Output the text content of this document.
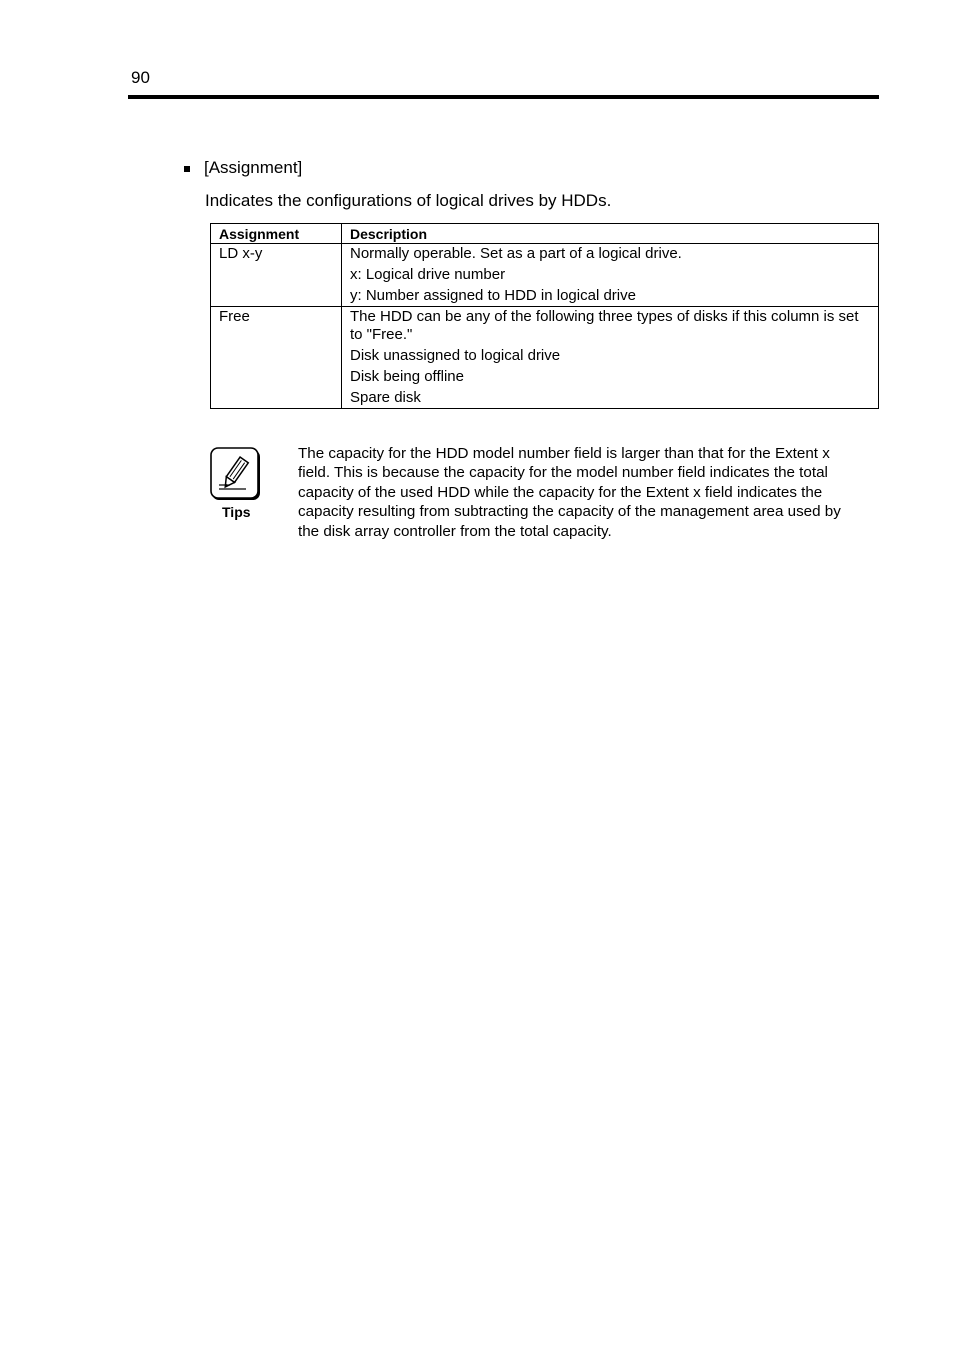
90
[Assignment]
Indicates the configurations of logical drives by HDDs.
Assignment	Description
LD x-y	Normally operable. Set as a part of a logical drive.
x: Logical drive number
y: Number assigned to HDD in logical drive

Free	The HDD can be any of the following three types of disks if this column is set to "Free."
Disk unassigned to logical drive
Disk being offline
Spare disk
Tips
The capacity for the HDD model number field is larger than that for the Extent x field. This is because the capacity for the model number field indicates the total capacity of the used HDD while the capacity for the Extent x field indicates the capacity resulting from subtracting the capacity of the management area used by the disk array controller from the total capacity.
